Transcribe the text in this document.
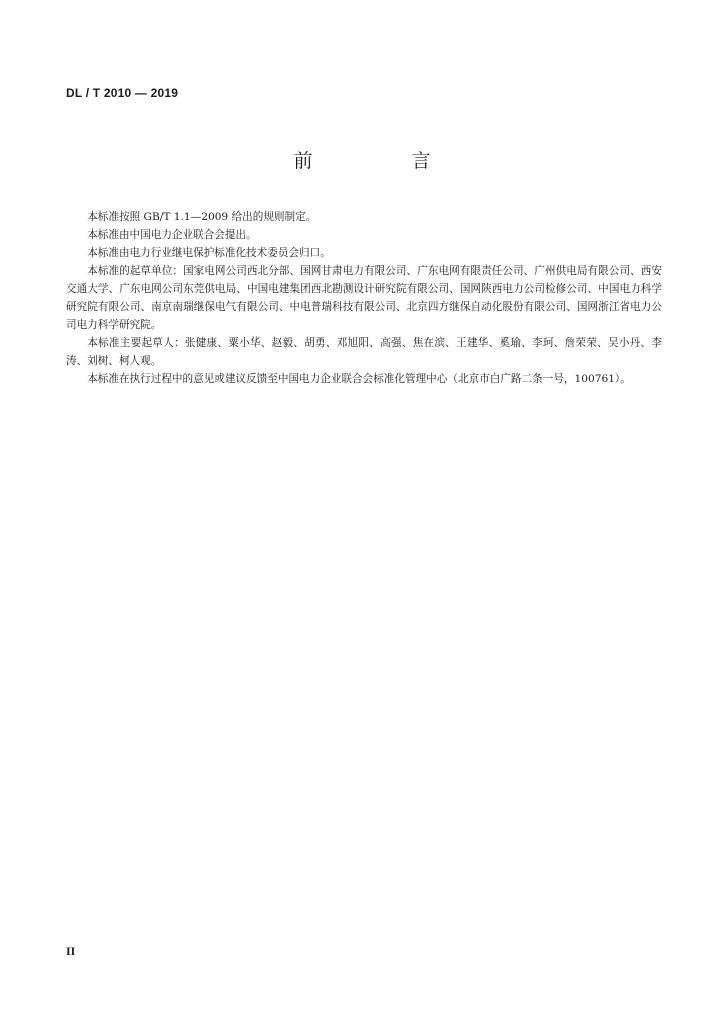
DL / T 2010 — 2019
前　言

本标准按照 GB/T 1.1—2009 给出的规则制定。

本标准由中国电力企业联合会提出。

本标准由电力行业继电保护标准化技术委员会归口。

本标准的起草单位：国家电网公司西北分部、国网甘肃电力有限公司、广东电网有限责任公司、广州供电局有限公司、西安交通大学、广东电网公司东莞供电局、中国电建集团西北勘测设计研究院有限公司、国网陕西电力公司检修公司、中国电力科学研究院有限公司、南京南瑞继保电气有限公司、中电普瑞科技有限公司、北京四方继保自动化股份有限公司、国网浙江省电力公司电力科学研究院。

本标准主要起草人：张健康、粟小华、赵毅、胡勇、邓旭阳、高强、焦在滨、王建华、奚瑜、李珂、詹荣荣、吴小丹、李涛、刘树、柯人观。

本标准在执行过程中的意见或建议反馈至中国电力企业联合会标准化管理中心（北京市白广路二条一号，100761）。

II
